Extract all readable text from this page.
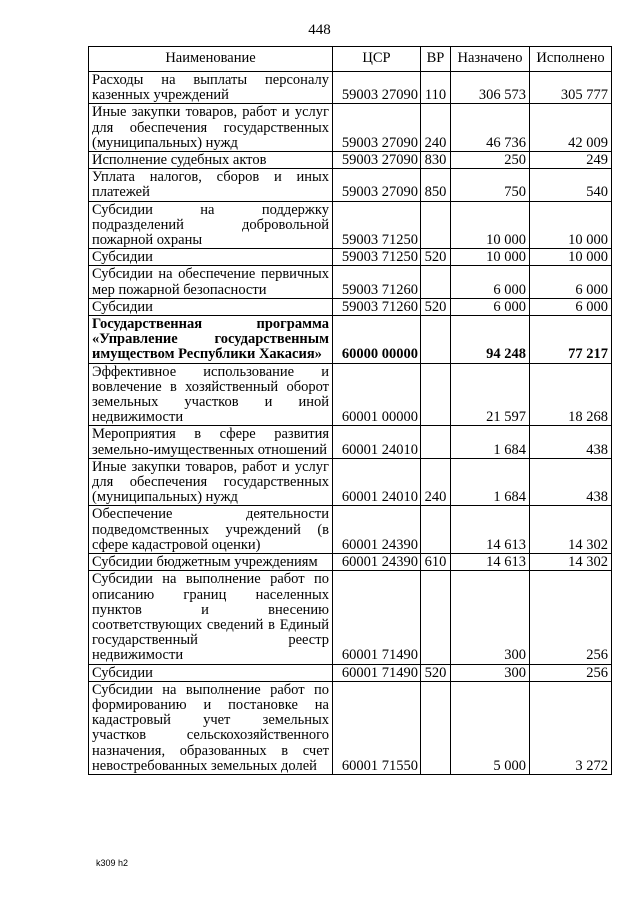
448
Наименование	ЦСР	ВР	Назначено	Исполнено
Расходы на выплаты персоналу казенных учреждений	59003 27090	110	306 573	305 777
Иные закупки товаров, работ и услуг для обеспечения государственных (муниципальных) нужд	59003 27090	240	46 736	42 009
Исполнение судебных актов	59003 27090	830	250	249
Уплата налогов, сборов и иных платежей	59003 27090	850	750	540
Субсидии на поддержку подразделений добровольной пожарной охраны	59003 71250		10 000	10 000
Субсидии	59003 71250	520	10 000	10 000
Субсидии на обеспечение первичных мер пожарной безопасности	59003 71260		6 000	6 000
Субсидии	59003 71260	520	6 000	6 000
Государственная программа «Управление государственным имуществом Республики Хакасия»	60000 00000		94 248	77 217
Эффективное использование и вовлечение в хозяйственный оборот земельных участков и иной недвижимости	60001 00000		21 597	18 268
Мероприятия в сфере развития земельно-имущественных отношений	60001 24010		1 684	438
Иные закупки товаров, работ и услуг для обеспечения государственных (муниципальных) нужд	60001 24010	240	1 684	438
Обеспечение деятельности подведомственных учреждений (в сфере кадастровой оценки)	60001 24390		14 613	14 302
Субсидии бюджетным учреждениям	60001 24390	610	14 613	14 302
Субсидии на выполнение работ по описанию границ населенных пунктов и внесению соответствующих сведений в Единый государственный реестр недвижимости	60001 71490		300	256
Субсидии	60001 71490	520	300	256
Субсидии на выполнение работ по формированию и постановке на кадастровый учет земельных участков сельскохозяйственного назначения, образованных в счет невостребованных земельных долей	60001 71550		5 000	3 272
k309 h2
